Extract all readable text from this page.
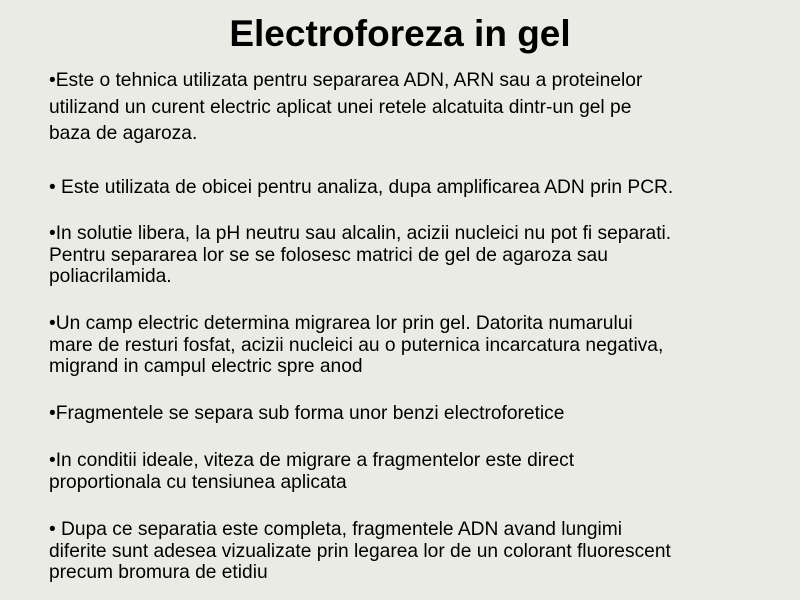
Electroforeza in gel
•Este o tehnica utilizata pentru separarea ADN, ARN sau a proteinelor
utilizand un curent electric aplicat unei retele alcatuita dintr-un gel pe
baza de agaroza.
• Este utilizata de obicei pentru analiza, dupa amplificarea ADN prin PCR.
•In solutie libera, la pH neutru sau alcalin, acizii nucleici nu pot fi separati.
Pentru separarea lor se se folosesc matrici de gel de agaroza sau
poliacrilamida.
•Un camp electric determina migrarea lor prin gel. Datorita numarului
mare de resturi fosfat, acizii nucleici au o puternica incarcatura negativa,
migrand in campul electric spre anod
•Fragmentele se separa sub forma unor benzi electroforetice
•In conditii ideale, viteza de migrare a fragmentelor este direct
proportionala cu tensiunea aplicata
• Dupa ce separatia este completa, fragmentele ADN avand lungimi
diferite sunt adesea vizualizate prin legarea lor de un colorant fluorescent
precum bromura de etidiu
